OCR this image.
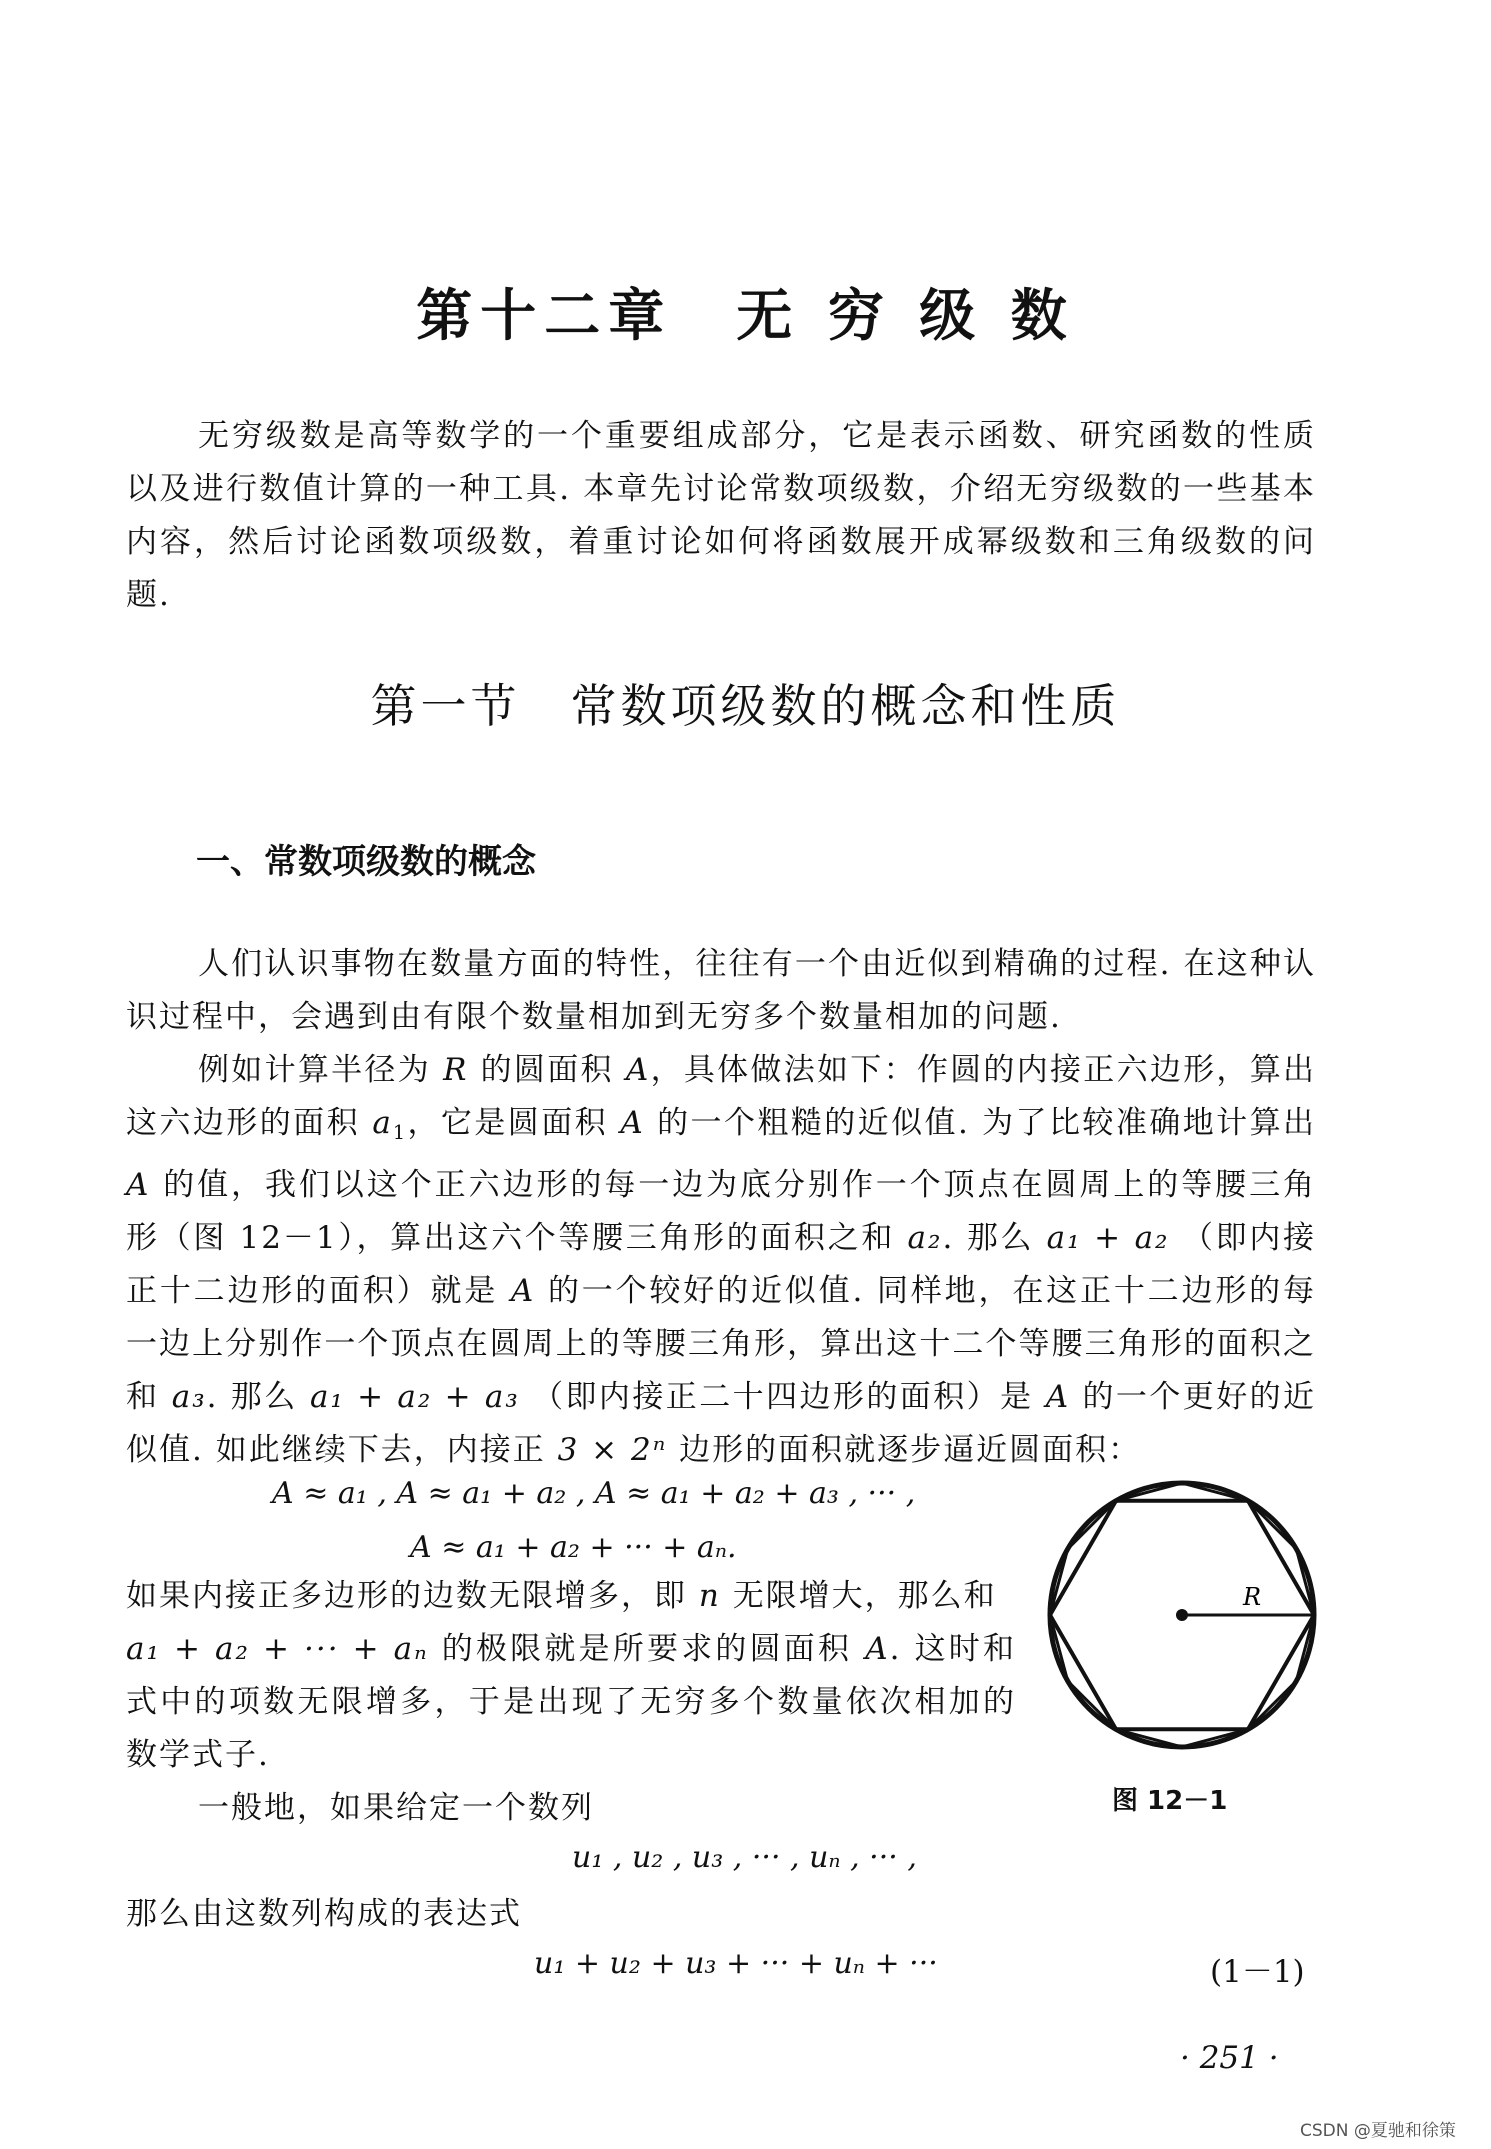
第十二章　无 穷 级 数
无穷级数是高等数学的一个重要组成部分，它是表示函数、研究函数的性质以及进行数值计算的一种工具. 本章先讨论常数项级数，介绍无穷级数的一些基本内容，然后讨论函数项级数，着重讨论如何将函数展开成幂级数和三角级数的问题.
第一节　常数项级数的概念和性质
一、常数项级数的概念
人们认识事物在数量方面的特性，往往有一个由近似到精确的过程. 在这种认识过程中，会遇到由有限个数量相加到无穷多个数量相加的问题.
例如计算半径为 R 的圆面积 A，具体做法如下：作圆的内接正六边形，算出这六边形的面积 $a_1$，它是圆面积 A 的一个粗糙的近似值. 为了比较准确地计算出 A 的值，我们以这个正六边形的每一边为底分别作一个顶点在圆周上的等腰三角形（图 12－1），算出这六个等腰三角形的面积之和 a₂. 那么 a₁ + a₂ （即内接正十二边形的面积）就是 A 的一个较好的近似值. 同样地，在这正十二边形的每一边上分别作一个顶点在圆周上的等腰三角形，算出这十二个等腰三角形的面积之和 a₃. 那么 a₁ + a₂ + a₃ （即内接正二十四边形的面积）是 A 的一个更好的近似值. 如此继续下去，内接正 3 × 2ⁿ 边形的面积就逐步逼近圆面积：
A ≈ a₁ , A ≈ a₁ + a₂ , A ≈ a₁ + a₂ + a₃ , ··· ,
A ≈ a₁ + a₂ + ··· + aₙ.
如果内接正多边形的边数无限增多，即 n 无限增大，那么和
a₁ + a₂ + ··· + aₙ 的极限就是所要求的圆面积 A. 这时和式中的项数无限增多，于是出现了无穷多个数量依次相加的数学式子.
R
图 12－1
一般地，如果给定一个数列
u₁ , u₂ , u₃ , ··· , uₙ , ··· ,
那么由这数列构成的表达式
u₁ + u₂ + u₃ + ··· + uₙ + ···	(1－1)
· 251 ·
CSDN @夏驰和徐策
